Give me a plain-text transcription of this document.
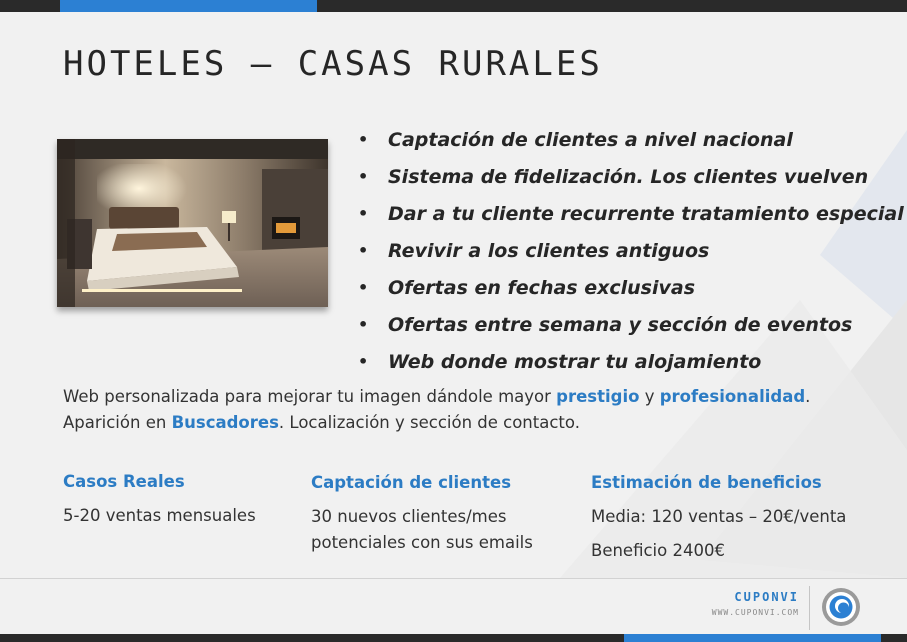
HOTELES – CASAS RURALES
• Captación de clientes a nivel nacional
• Sistema de fidelización. Los clientes vuelven
• Dar a tu cliente recurrente tratamiento especial
• Revivir a los clientes antiguos
• Ofertas en fechas exclusivas
• Ofertas entre semana y sección de eventos
• Web donde mostrar tu alojamiento
Web personalizada para mejorar tu imagen dándole mayor prestigio y profesionalidad.
Aparición en Buscadores. Localización y sección de contacto.
Casos Reales
5-20 ventas mensuales
Captación de clientes
30 nuevos clientes/mes
potenciales con sus emails
Estimación de beneficios
Media: 120 ventas – 20€/venta
Beneficio 2400€
CUPONVI
WWW.CUPONVI.COM
